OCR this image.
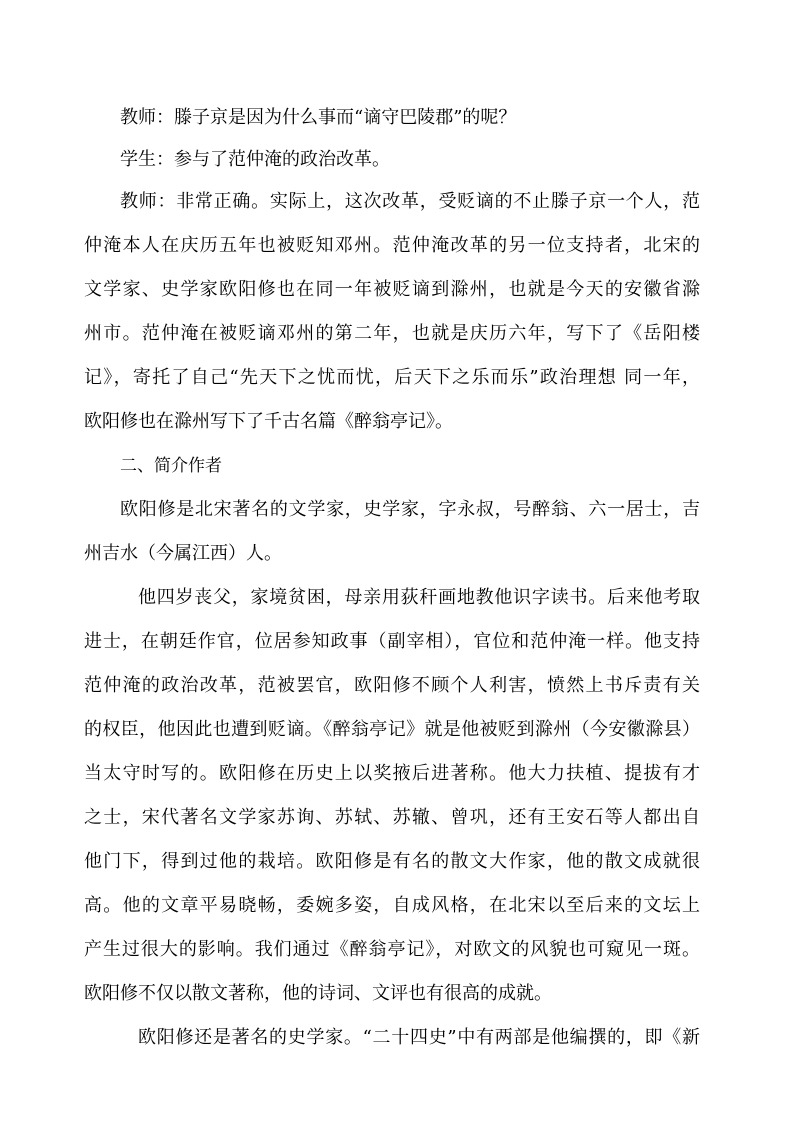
教师：滕子京是因为什么事而“谪守巴陵郡”的呢？
学生：参与了范仲淹的政治改革。
教师：非常正确。实际上，这次改革，受贬谪的不止滕子京一个人，范
仲淹本人在庆历五年也被贬知邓州。范仲淹改革的另一位支持者，北宋的
文学家、史学家欧阳修也在同一年被贬谪到滁州，也就是今天的安徽省滁
州市。范仲淹在被贬谪邓州的第二年，也就是庆历六年，写下了《岳阳楼
记》，寄托了自己“先天下之忧而忧，后天下之乐而乐”政治理想 同一年，
欧阳修也在滁州写下了千古名篇《醉翁亭记》。
二、简介作者
欧阳修是北宋著名的文学家，史学家，字永叔，号醉翁、六一居士，吉
州吉水（今属江西）人。
他四岁丧父，家境贫困，母亲用荻秆画地教他识字读书。后来他考取
进士，在朝廷作官，位居参知政事（副宰相），官位和范仲淹一样。他支持
范仲淹的政治改革，范被罢官，欧阳修不顾个人利害，愤然上书斥责有关
的权臣，他因此也遭到贬谪。《醉翁亭记》就是他被贬到滁州（今安徽滁县）
当太守时写的。欧阳修在历史上以奖掖后进著称。他大力扶植、提拔有才
之士，宋代著名文学家苏询、苏轼、苏辙、曾巩，还有王安石等人都出自
他门下，得到过他的栽培。欧阳修是有名的散文大作家，他的散文成就很
高。他的文章平易晓畅，委婉多姿，自成风格，在北宋以至后来的文坛上
产生过很大的影响。我们通过《醉翁亭记》，对欧文的风貌也可窥见一斑。
欧阳修不仅以散文著称，他的诗词、文评也有很高的成就。
欧阳修还是著名的史学家。“二十四史”中有两部是他编撰的，即《新
